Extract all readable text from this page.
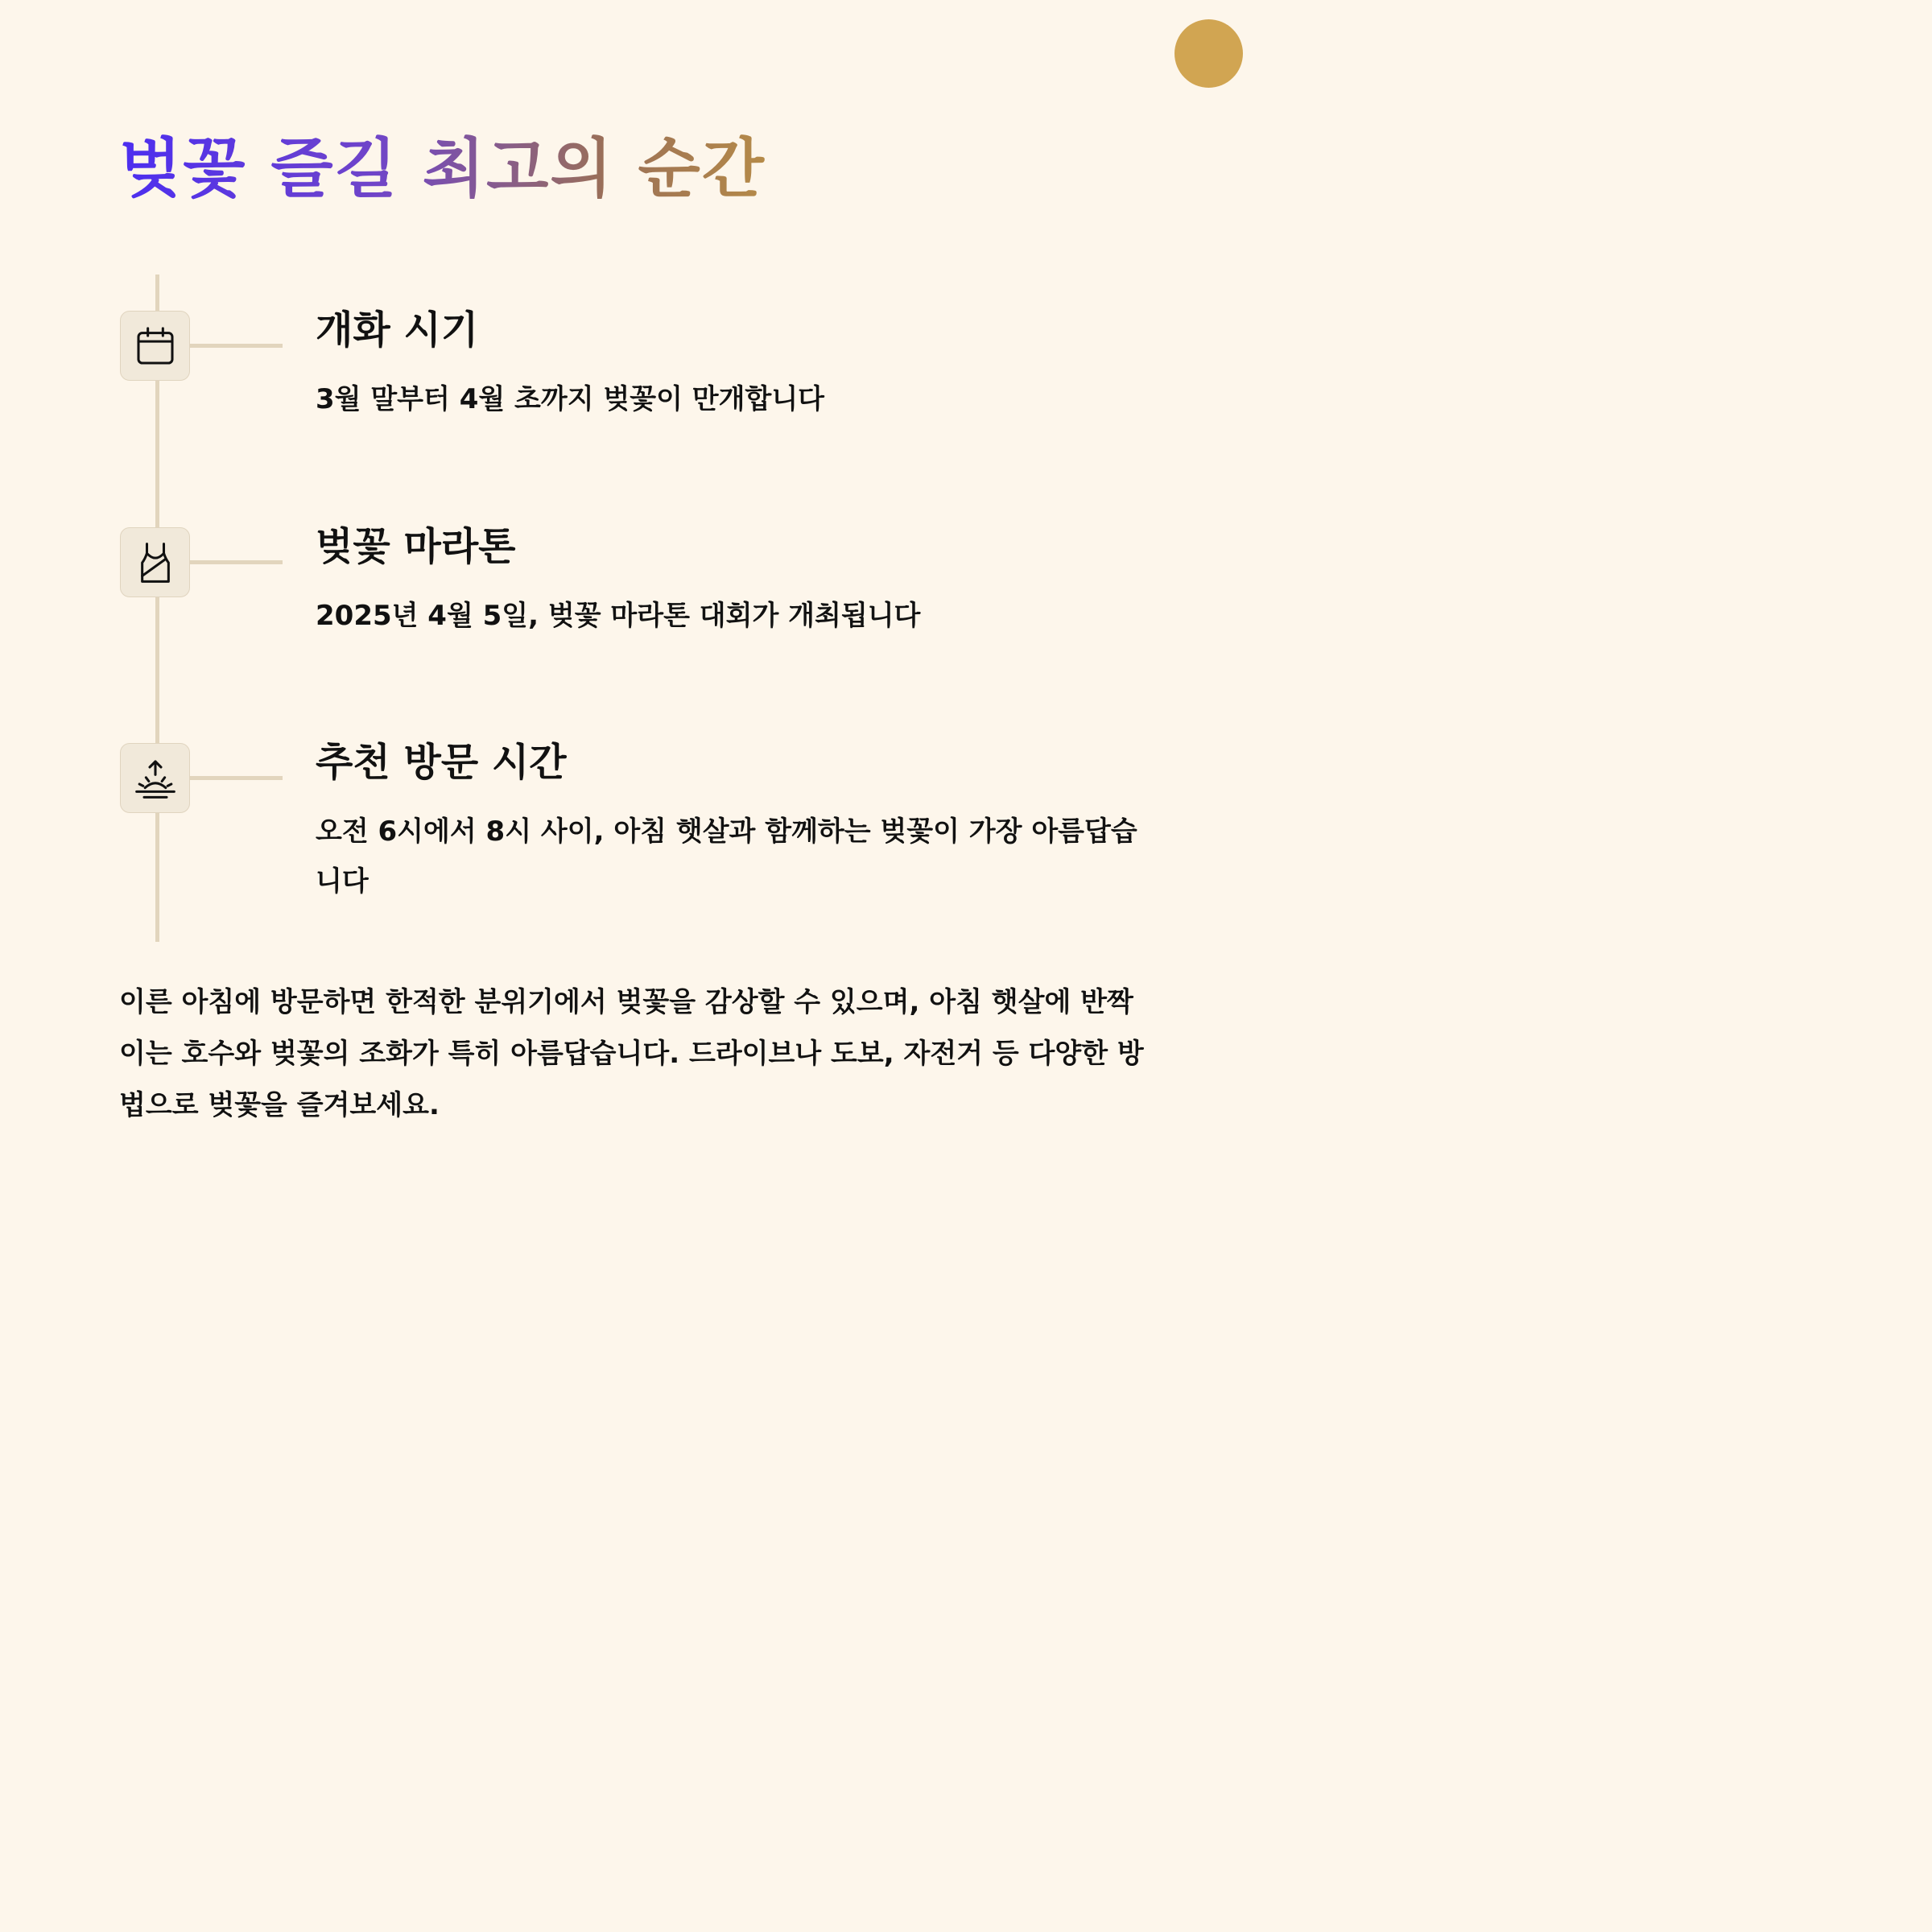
벚꽃 즐길 최고의 순간
개화 시기

3월 말부터 4월 초까지 벚꽃이 만개합니다

벚꽃 마라톤

2025년 4월 5일, 벚꽃 마라톤 대회가 개최됩니다

추천 방문 시간

오전 6시에서 8시 사이, 아침 햇살과 함께하는 벚꽃이 가장 아름답습니다

이른 아침에 방문하면 한적한 분위기에서 벚꽃을 감상할 수 있으며, 아침 햇살에 반짝이는 호수와 벚꽃의 조화가 특히 아름답습니다. 드라이브나 도보, 자전거 등 다양한 방법으로 벚꽃을 즐겨보세요.
